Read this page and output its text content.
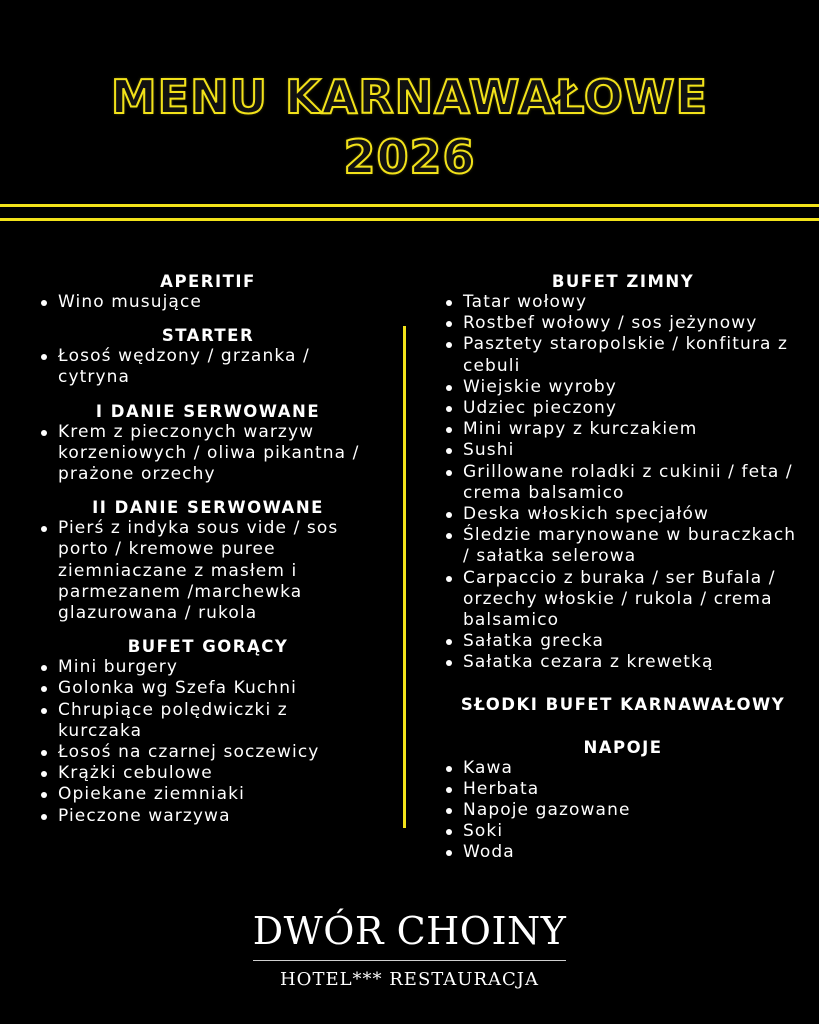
MENU KARNAWAŁOWE
2026
APERITIF
Wino musujące
STARTER
Łosoś wędzony / grzanka / cytryna
I DANIE SERWOWANE
Krem z pieczonych warzyw korzeniowych / oliwa pikantna / prażone orzechy
II DANIE SERWOWANE
Pierś z indyka sous vide / sos porto / kremowe puree ziemniaczane z masłem i parmezanem /marchewka glazurowana / rukola
BUFET GORĄCY
Mini burgery
Golonka wg Szefa Kuchni
Chrupiące polędwiczki z kurczaka
Łosoś na czarnej soczewicy
Krążki cebulowe
Opiekane ziemniaki
Pieczone warzywa
BUFET ZIMNY
Tatar wołowy
Rostbef wołowy / sos jeżynowy
Pasztety staropolskie / konfitura z cebuli
Wiejskie wyroby
Udziec pieczony
Mini wrapy z kurczakiem
Sushi
Grillowane roladki z cukinii / feta / crema balsamico
Deska włoskich specjałów
Śledzie marynowane w buraczkach / sałatka selerowa
Carpaccio z buraka / ser Bufala / orzechy włoskie / rukola / crema balsamico
Sałatka grecka
Sałatka cezara z krewetką
SŁODKI BUFET KARNAWAŁOWY
NAPOJE
Kawa
Herbata
Napoje gazowane
Soki
Woda
DWÓR CHOINY
HOTEL*** RESTAURACJA
